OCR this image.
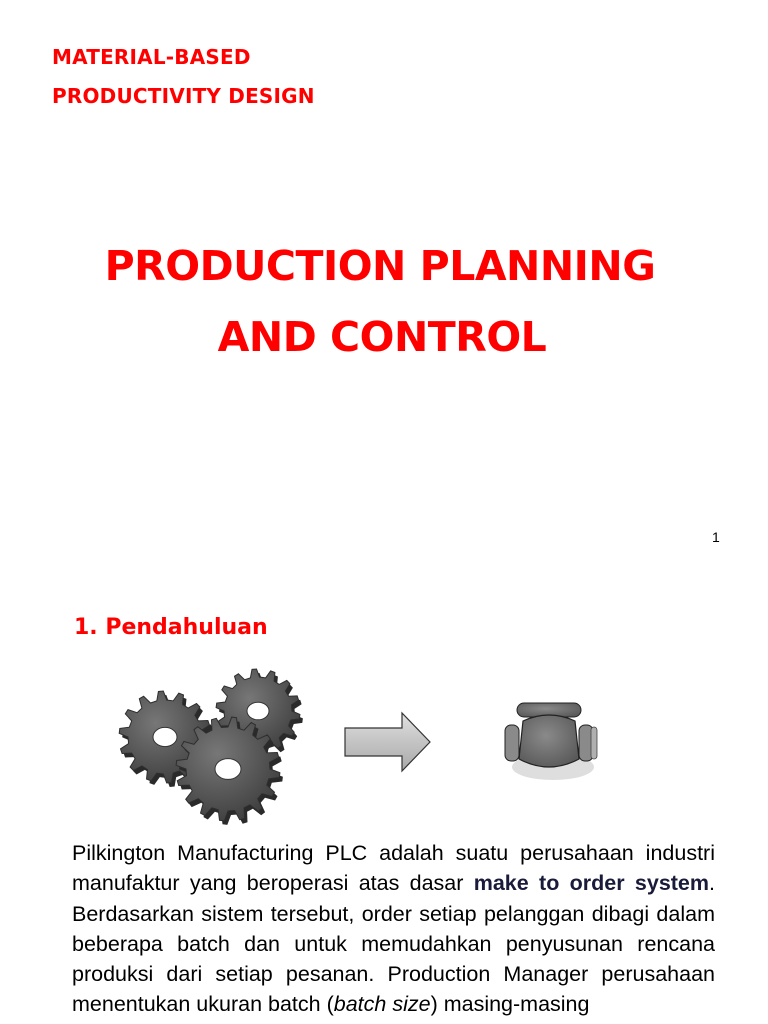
MATERIAL-BASED
PRODUCTIVITY DESIGN
PRODUCTION PLANNING
AND CONTROL
1
1. Pendahuluan
Pilkington Manufacturing PLC adalah suatu perusahaan industri manufaktur yang beroperasi atas dasar make to order system. Berdasarkan sistem tersebut, order setiap pelanggan dibagi dalam beberapa batch dan untuk memudahkan penyusunan rencana produksi dari setiap pesanan. Production Manager perusahaan menentukan ukuran batch (batch size) masing-masing
